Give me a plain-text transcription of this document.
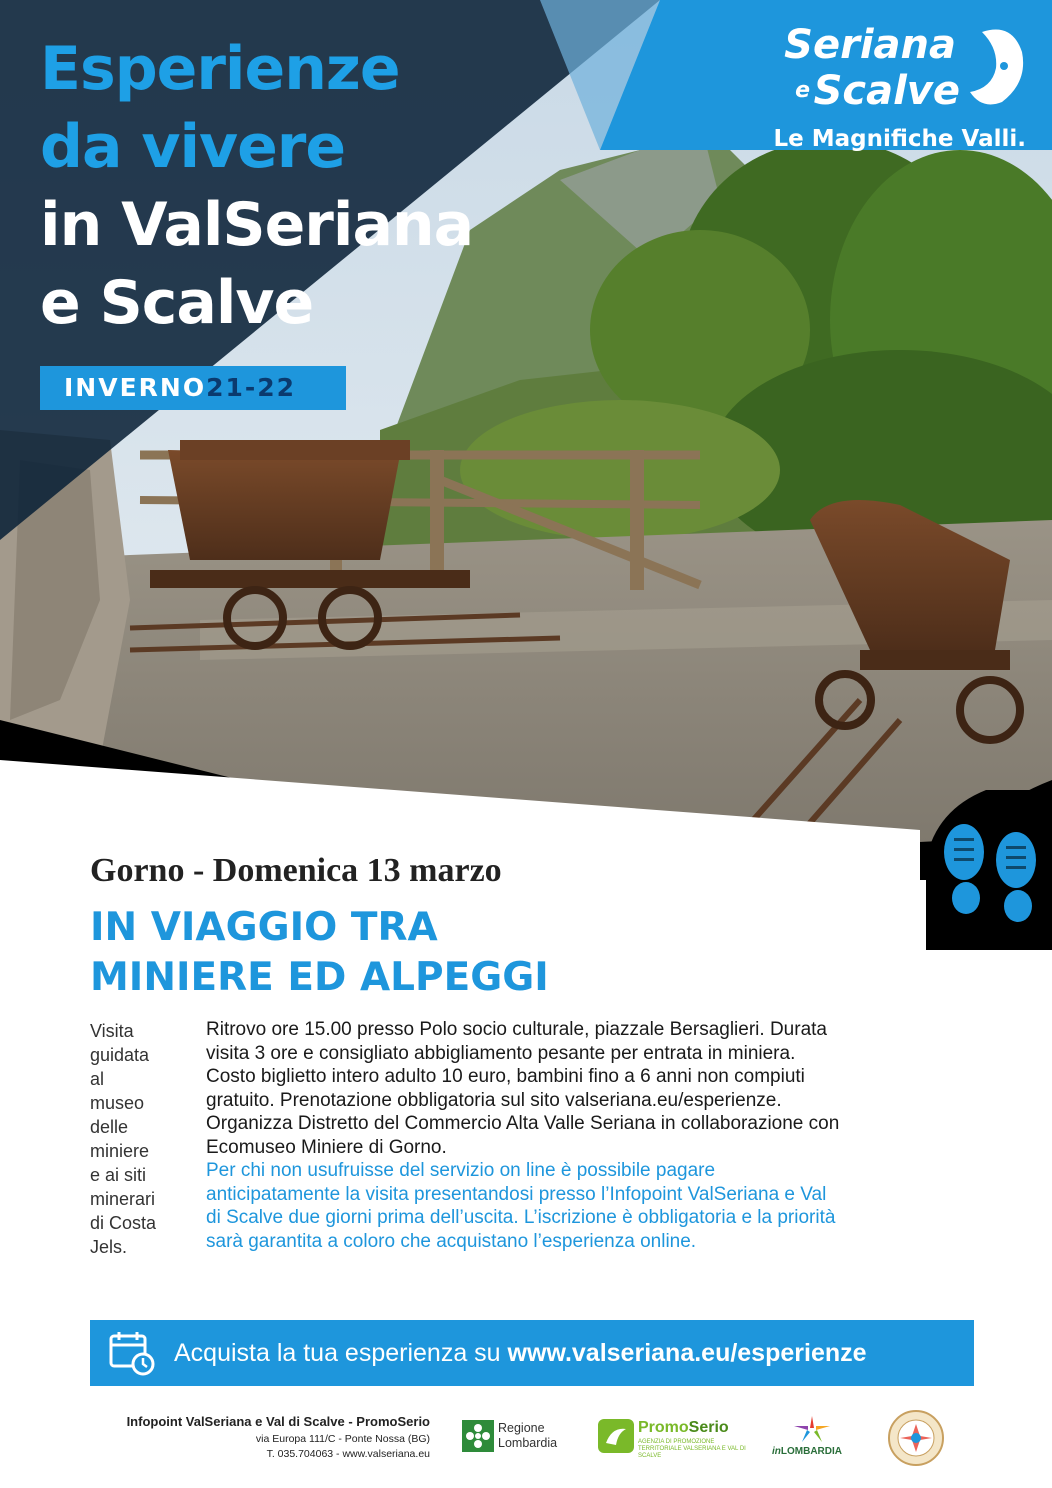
Esperienze
da vivere
in ValSeriana
e Scalve
INVERNO21-22
Seriana
e Scalve
Le Magnifiche Valli.
Gorno - Domenica 13 marzo
IN VIAGGIO TRA
MINIERE ED ALPEGGI
Visita
guidata
al
museo
delle
miniere
e ai siti
minerari
di Costa
Jels.
Ritrovo ore 15.00 presso Polo socio culturale, piazzale Bersaglieri. Durata
visita 3 ore e consigliato abbigliamento pesante per entrata in miniera.
Costo biglietto intero adulto 10 euro, bambini fino a 6 anni non compiuti
gratuito. Prenotazione obbligatoria sul sito valseriana.eu/esperienze.
Organizza Distretto del Commercio Alta Valle Seriana in collaborazione con
Ecomuseo Miniere di Gorno.
Per chi non usufruisse del servizio on line è possibile pagare
anticipatamente la visita presentandosi presso l’Infopoint ValSeriana e Val
di Scalve due giorni prima dell’uscita. L’iscrizione è obbligatoria e la priorità
sarà garantita a coloro che acquistano l’esperienza online.
Acquista la tua esperienza su www.valseriana.eu/esperienze
Infopoint ValSeriana e Val di Scalve - PromoSerio
via Europa 111/C - Ponte Nossa (BG)
T. 035.704063 - www.valseriana.eu
Regione
Lombardia
PromoSerio
AGENZIA DI PROMOZIONE TERRITORIALE VALSERIANA E VAL DI SCALVE	inLOMBARDIA
